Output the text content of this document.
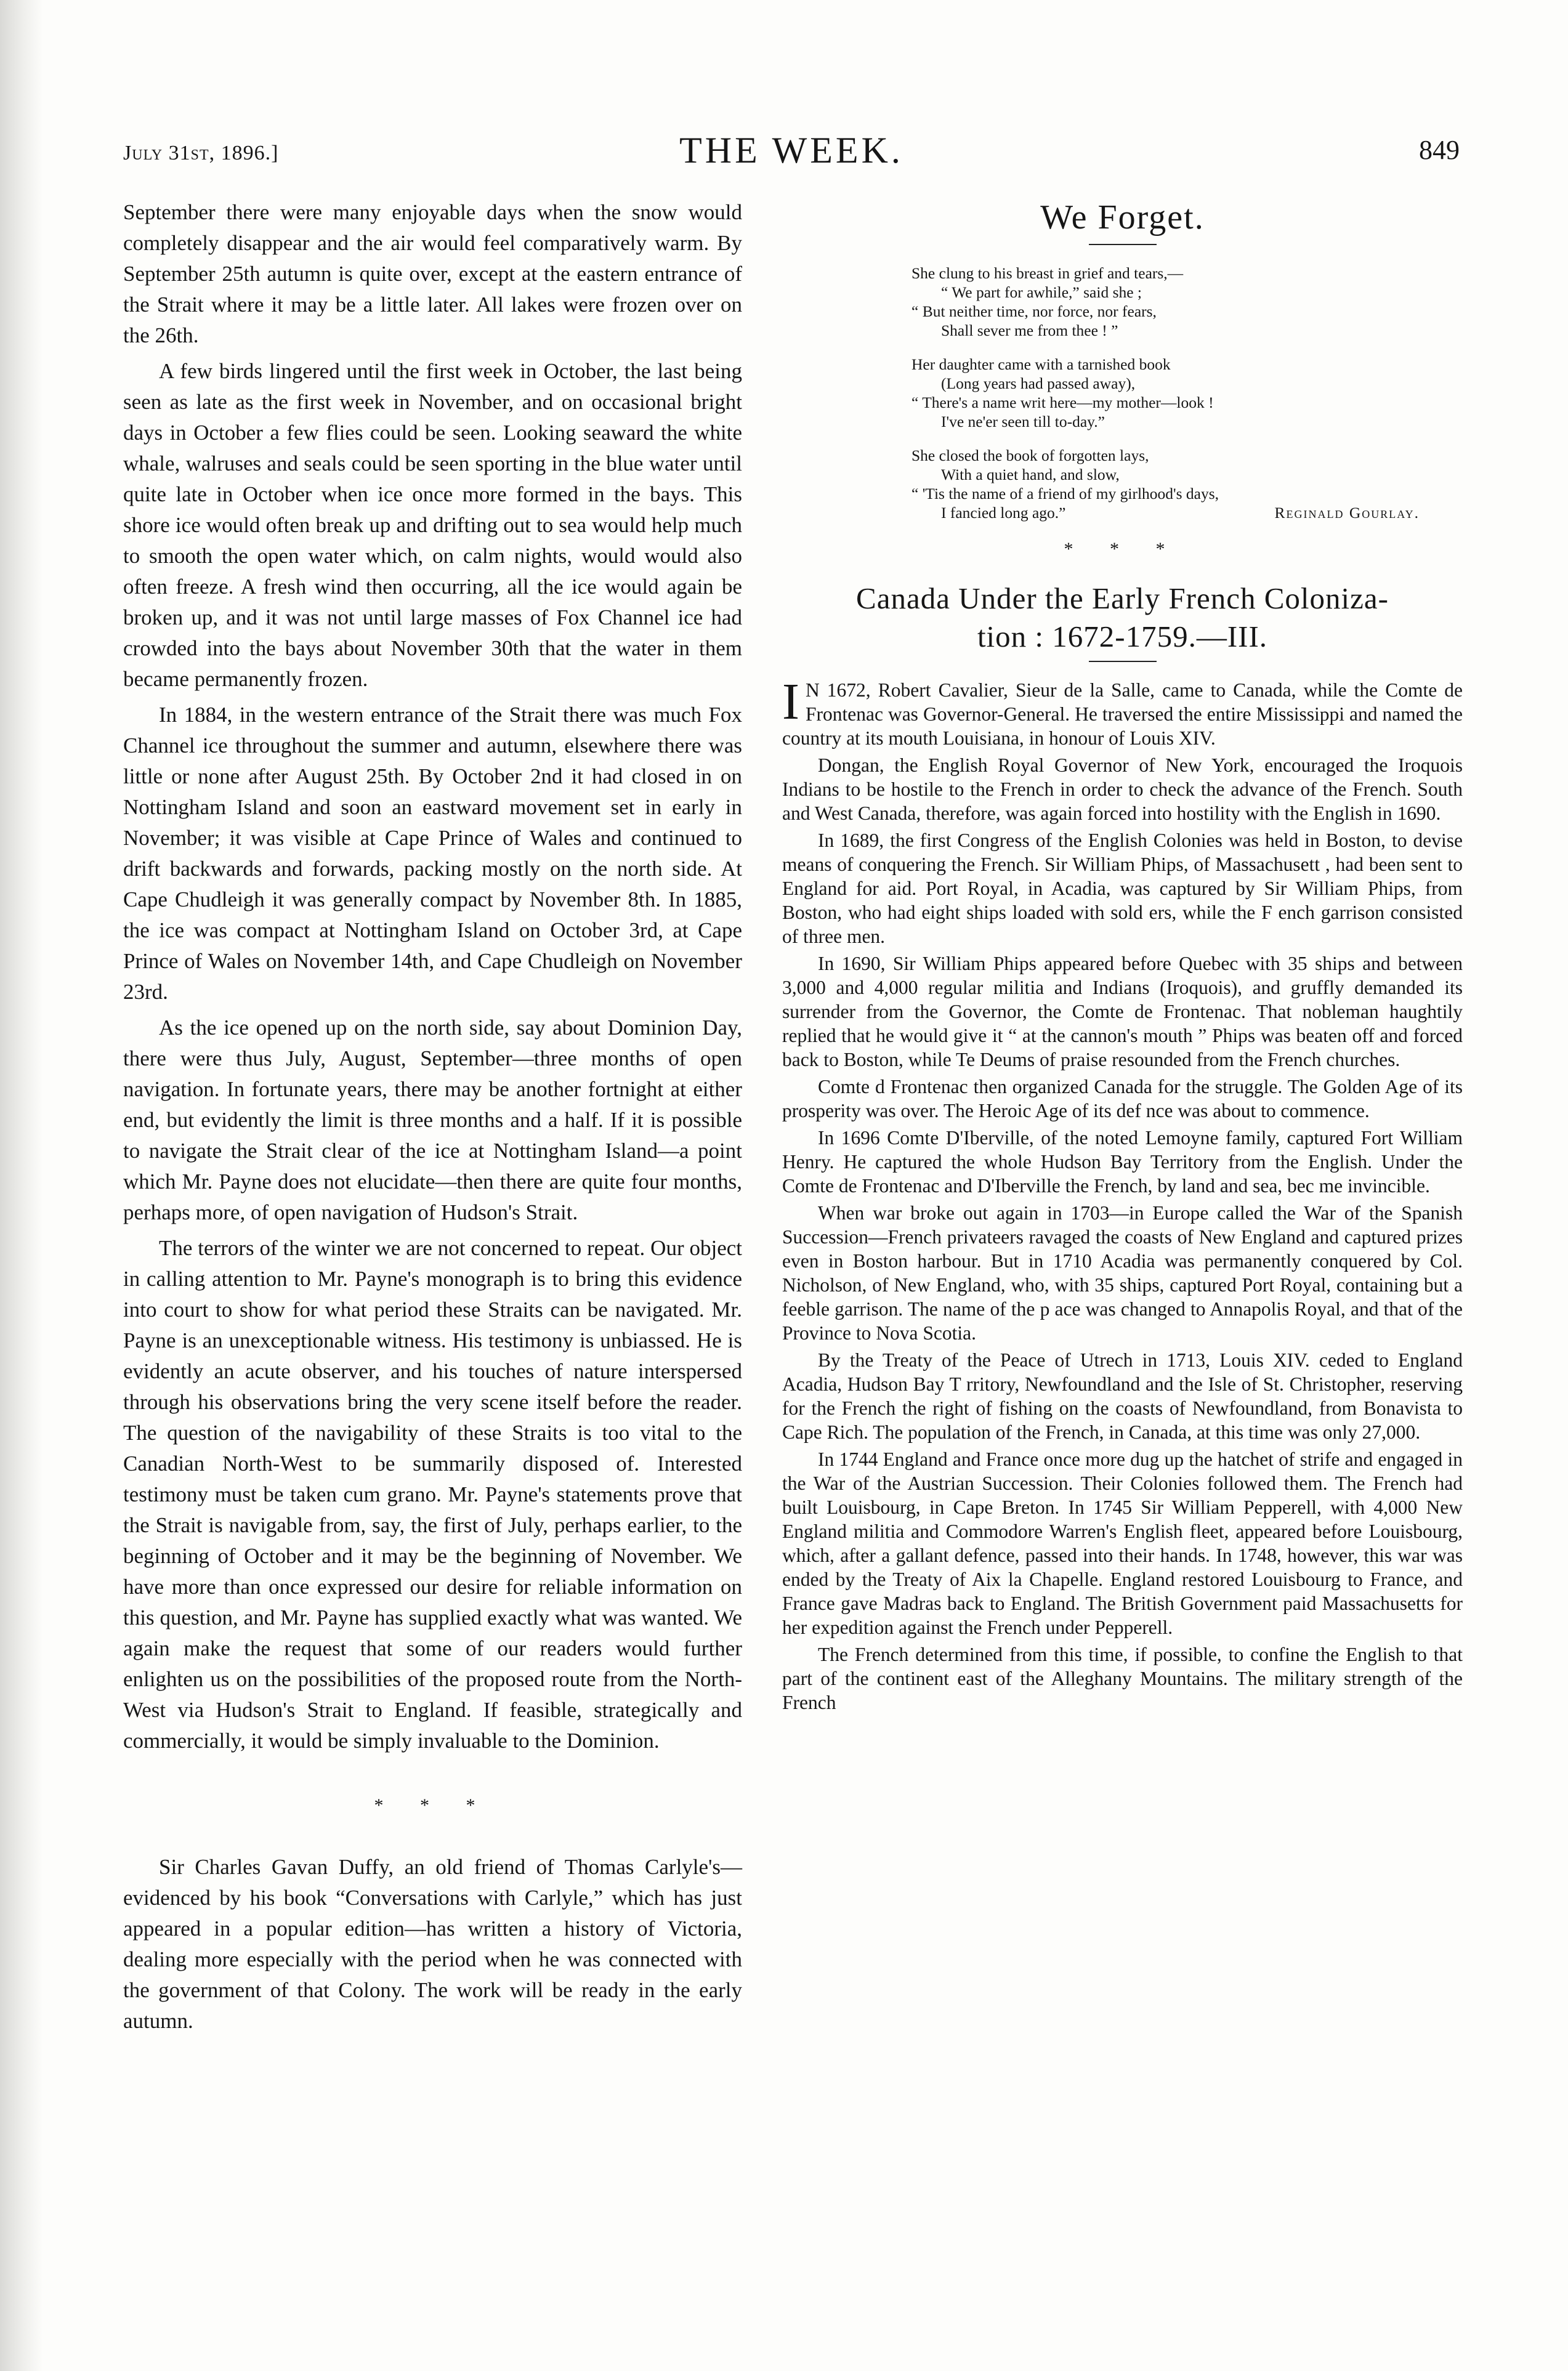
July 31st, 1896.]	THE WEEK.	849

September there were many enjoyable days when the snow would completely disappear and the air would feel comparatively warm. By September 25th autumn is quite over, except at the eastern entrance of the Strait where it may be a little later. All lakes were frozen over on the 26th.

A few birds lingered until the first week in October, the last being seen as late as the first week in November, and on occasional bright days in October a few flies could be seen. Looking seaward the white whale, walruses and seals could be seen sporting in the blue water until quite late in October when ice once more formed in the bays. This shore ice would often break up and drifting out to sea would help much to smooth the open water which, on calm nights, would would also often freeze. A fresh wind then occurring, all the ice would again be broken up, and it was not until large masses of Fox Channel ice had crowded into the bays about November 30th that the water in them became permanently frozen.

In 1884, in the western entrance of the Strait there was much Fox Channel ice throughout the summer and autumn, elsewhere there was little or none after August 25th. By October 2nd it had closed in on Nottingham Island and soon an eastward movement set in early in November; it was visible at Cape Prince of Wales and continued to drift backwards and forwards, packing mostly on the north side. At Cape Chudleigh it was generally compact by November 8th. In 1885, the ice was compact at Nottingham Island on October 3rd, at Cape Prince of Wales on November 14th, and Cape Chudleigh on November 23rd.

As the ice opened up on the north side, say about Dominion Day, there were thus July, August, September—three months of open navigation. In fortunate years, there may be another fortnight at either end, but evidently the limit is three months and a half. If it is possible to navigate the Strait clear of the ice at Nottingham Island—a point which Mr. Payne does not elucidate—then there are quite four months, perhaps more, of open navigation of Hudson's Strait.

The terrors of the winter we are not concerned to repeat. Our object in calling attention to Mr. Payne's monograph is to bring this evidence into court to show for what period these Straits can be navigated. Mr. Payne is an unexceptionable witness. His testimony is unbiassed. He is evidently an acute observer, and his touches of nature interspersed through his observations bring the very scene itself before the reader. The question of the navigability of these Straits is too vital to the Canadian North-West to be summarily disposed of. Interested testimony must be taken cum grano. Mr. Payne's statements prove that the Strait is navigable from, say, the first of July, perhaps earlier, to the beginning of October and it may be the beginning of November. We have more than once expressed our desire for reliable information on this question, and Mr. Payne has supplied exactly what was wanted. We again make the request that some of our readers would further enlighten us on the possibilities of the proposed route from the North-West via Hudson's Strait to England. If feasible, strategically and commercially, it would be simply invaluable to the Dominion.

* * *

Sir Charles Gavan Duffy, an old friend of Thomas Carlyle's—evidenced by his book “Conversations with Carlyle,” which has just appeared in a popular edition—has written a history of Victoria, dealing more especially with the period when he was connected with the government of that Colony. The work will be ready in the early autumn.

We Forget.
She clung to his breast in grief and tears,—
“ We part for awhile,” said she ;
“ But neither time, nor force, nor fears,
Shall sever me from thee ! ”
Her daughter came with a tarnished book
(Long years had passed away),
“ There's a name writ here—my mother—look !
I've ne'er seen till to-day.”
She closed the book of forgotten lays,
With a quiet hand, and slow,
“ 'Tis the name of a friend of my girlhood's days,
I fancied long ago.”	Reginald Gourlay.
* * *
Canada Under the Early French Coloniza-
tion : 1672-1759.—III.

I N 1672, Robert Cavalier, Sieur de la Salle, came to Canada, while the Comte de Frontenac was Governor-General. He traversed the entire Mississippi and named the country at its mouth Louisiana, in honour of Louis XIV.

Dongan, the English Royal Governor of New York, encouraged the Iroquois Indians to be hostile to the French in order to check the advance of the French. South and West Canada, therefore, was again forced into hostility with the English in 1690.

In 1689, the first Congress of the English Colonies was held in Boston, to devise means of conquering the French. Sir William Phips, of Massachusett , had been sent to England for aid. Port Royal, in Acadia, was captured by Sir William Phips, from Boston, who had eight ships loaded with sold ers, while the F ench garrison consisted of three men.

In 1690, Sir William Phips appeared before Quebec with 35 ships and between 3,000 and 4,000 regular militia and Indians (Iroquois), and gruffly demanded its surrender from the Governor, the Comte de Frontenac. That nobleman haughtily replied that he would give it “ at the cannon's mouth ” Phips was beaten off and forced back to Boston, while Te Deums of praise resounded from the French churches.

Comte d Frontenac then organized Canada for the struggle. The Golden Age of its prosperity was over. The Heroic Age of its def nce was about to commence.

In 1696 Comte D'Iberville, of the noted Lemoyne family, captured Fort William Henry. He captured the whole Hudson Bay Territory from the English. Under the Comte de Frontenac and D'Iberville the French, by land and sea, bec me invincible.

When war broke out again in 1703—in Europe called the War of the Spanish Succession—French privateers ravaged the coasts of New England and captured prizes even in Boston harbour. But in 1710 Acadia was permanently conquered by Col. Nicholson, of New England, who, with 35 ships, captured Port Royal, containing but a feeble garrison. The name of the p ace was changed to Annapolis Royal, and that of the Province to Nova Scotia.

By the Treaty of the Peace of Utrech in 1713, Louis XIV. ceded to England Acadia, Hudson Bay T rritory, Newfoundland and the Isle of St. Christopher, reserving for the French the right of fishing on the coasts of Newfoundland, from Bonavista to Cape Rich. The population of the French, in Canada, at this time was only 27,000.

In 1744 England and France once more dug up the hatchet of strife and engaged in the War of the Austrian Succession. Their Colonies followed them. The French had built Louisbourg, in Cape Breton. In 1745 Sir William Pepperell, with 4,000 New England militia and Commodore Warren's English fleet, appeared before Louisbourg, which, after a gallant defence, passed into their hands. In 1748, however, this war was ended by the Treaty of Aix la Chapelle. England restored Louisbourg to France, and France gave Madras back to England. The British Government paid Massachusetts for her expedition against the French under Pepperell.

The French determined from this time, if possible, to confine the English to that part of the continent east of the Alleghany Mountains. The military strength of the French
